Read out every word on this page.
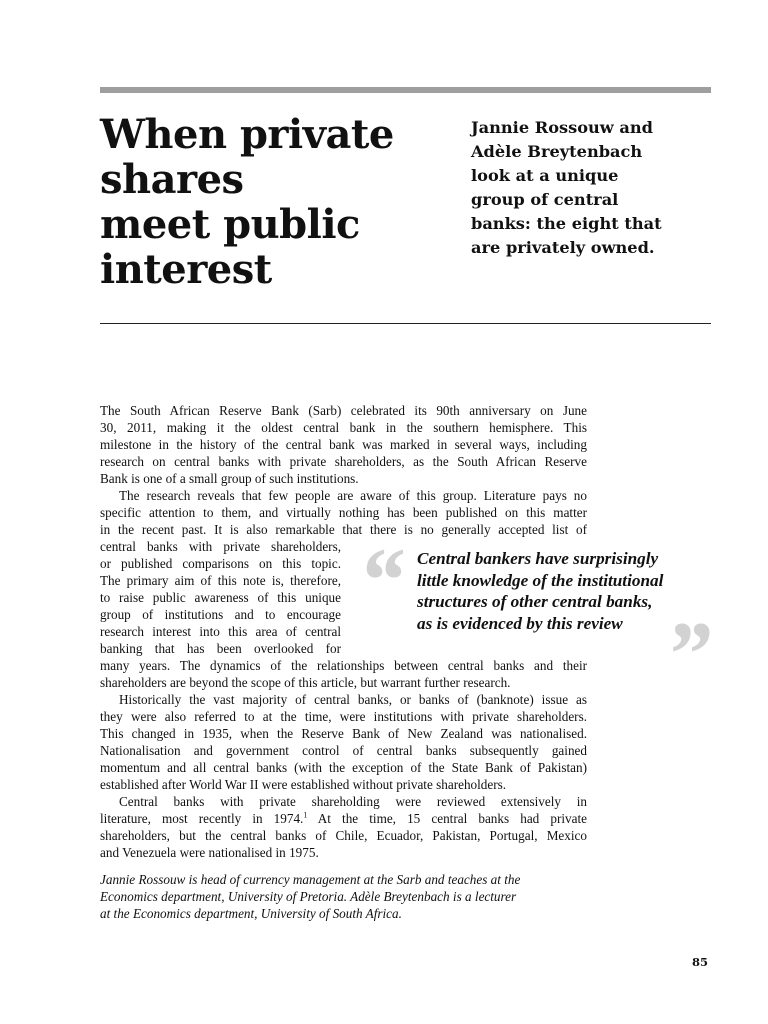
When private
shares
meet public
interest
Jannie Rossouw and
Adèle Breytenbach
look at a unique
group of central
banks: the eight that
are privately owned.

The South African Reserve Bank (Sarb) celebrated its 90th anniversary on June
30, 2011, making it the oldest central bank in the southern hemisphere. This
milestone in the history of the central bank was marked in several ways, including
research on central banks with private shareholders, as the South African Reserve
Bank is one of a small group of such institutions.

The research reveals that few people are aware of this group. Literature pays no
specific attention to them, and virtually nothing has been published on this matter
in the recent past. It is also remarkable that there is no generally accepted list of
central banks with private shareholders,
or published comparisons on this topic.
The primary aim of this note is, therefore,
to raise public awareness of this unique
group of institutions and to encourage
research interest into this area of central
banking that has been overlooked for
many years. The dynamics of the relationships between central banks and their
shareholders are beyond the scope of this article, but warrant further research.

Historically the vast majority of central banks, or banks of (banknote) issue as
they were also referred to at the time, were institutions with private shareholders.
This changed in 1935, when the Reserve Bank of New Zealand was nationalised.
Nationalisation and government control of central banks subsequently gained
momentum and all central banks (with the exception of the State Bank of Pakistan)
established after World War II were established without private shareholders.

Central banks with private shareholding were reviewed extensively in
literature, most recently in 1974.$^1$ At the time, 15 central banks had private
shareholders, but the central banks of Chile, Ecuador, Pakistan, Portugal, Mexico
and Venezuela were nationalised in 1975.

“ Central bankers have surprisingly
little knowledge of the institutional
structures of other central banks,
as is evidenced by this review ”
Jannie Rossouw is head of currency management at the Sarb and teaches at the
Economics department, University of Pretoria. Adèle Breytenbach is a lecturer
at the Economics department, University of South Africa.
85
